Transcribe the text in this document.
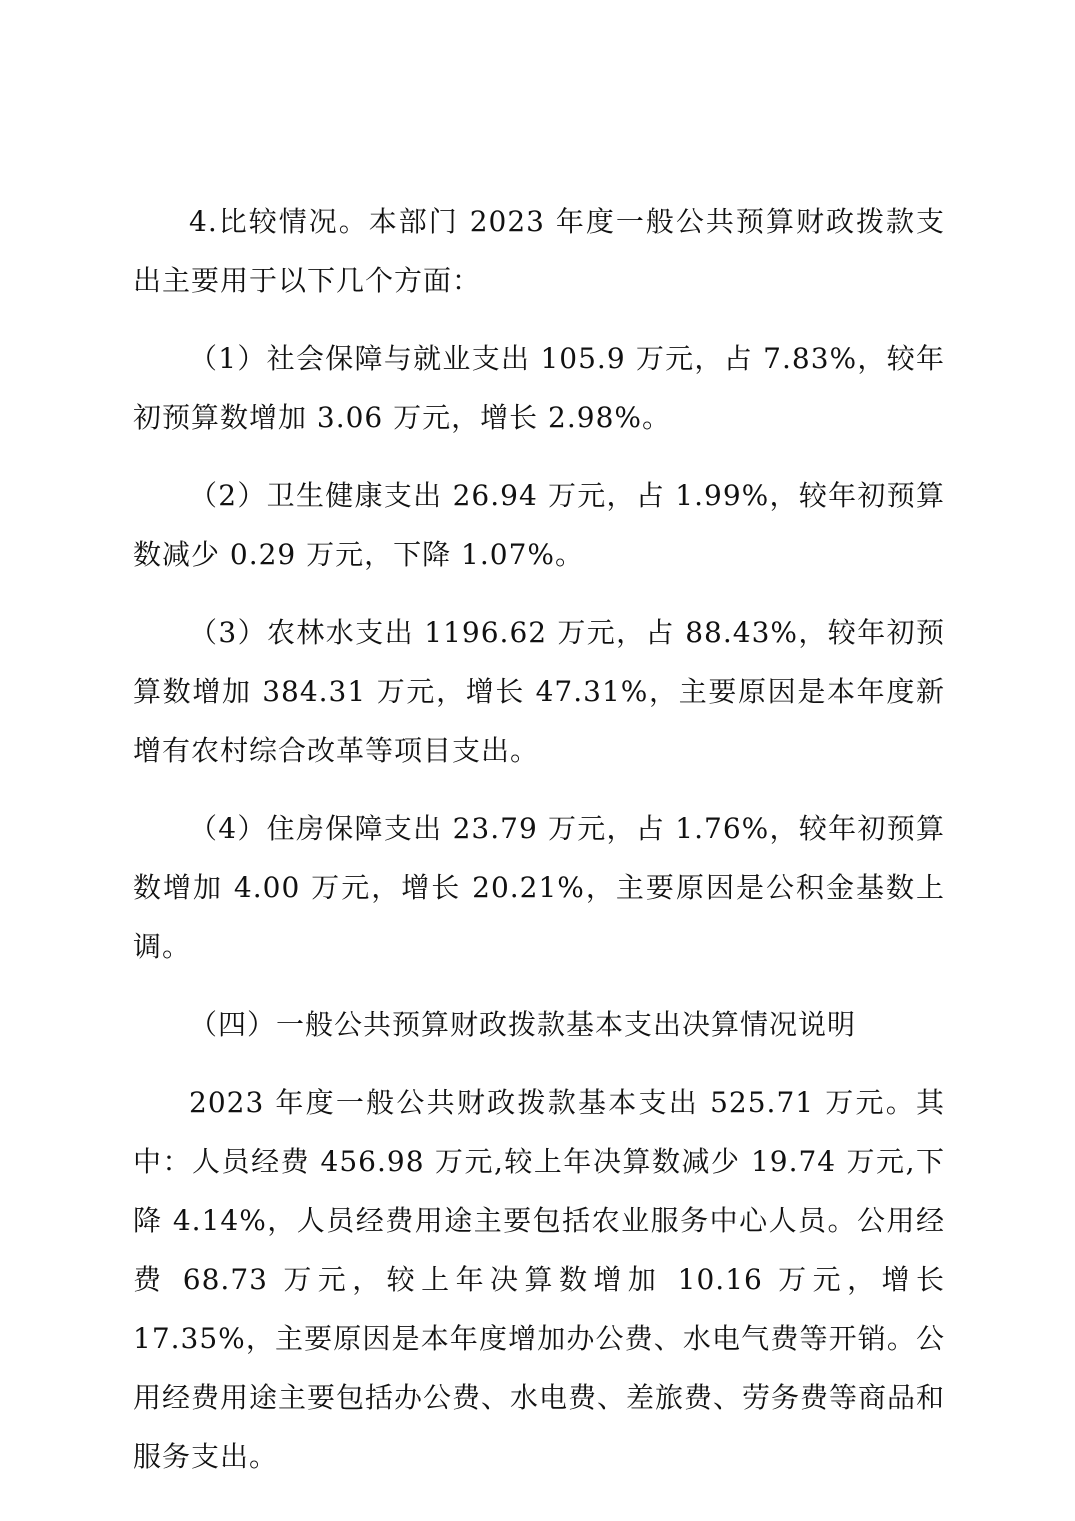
4.比较情况。本部门 2023 年度一般公共预算财政拨款支出主要用于以下几个方面：

（1）社会保障与就业支出 105.9 万元，占 7.83%，较年初预算数增加 3.06 万元，增长 2.98%。

（2）卫生健康支出 26.94 万元，占 1.99%，较年初预算数减少 0.29 万元，下降 1.07%。

（3）农林水支出 1196.62 万元，占 88.43%，较年初预算数增加 384.31 万元，增长 47.31%，主要原因是本年度新增有农村综合改革等项目支出。

（4）住房保障支出 23.79 万元，占 1.76%，较年初预算数增加 4.00 万元，增长 20.21%，主要原因是公积金基数上调。

（四）一般公共预算财政拨款基本支出决算情况说明

2023 年度一般公共财政拨款基本支出 525.71 万元。其中：人员经费 456.98 万元,较上年决算数减少 19.74 万元,下降 4.14%，人员经费用途主要包括农业服务中心人员。公用经费 68.73 万元，较上年决算数增加 10.16 万元，增长 17.35%，主要原因是本年度增加办公费、水电气费等开销。公用经费用途主要包括办公费、水电费、差旅费、劳务费等商品和服务支出。
